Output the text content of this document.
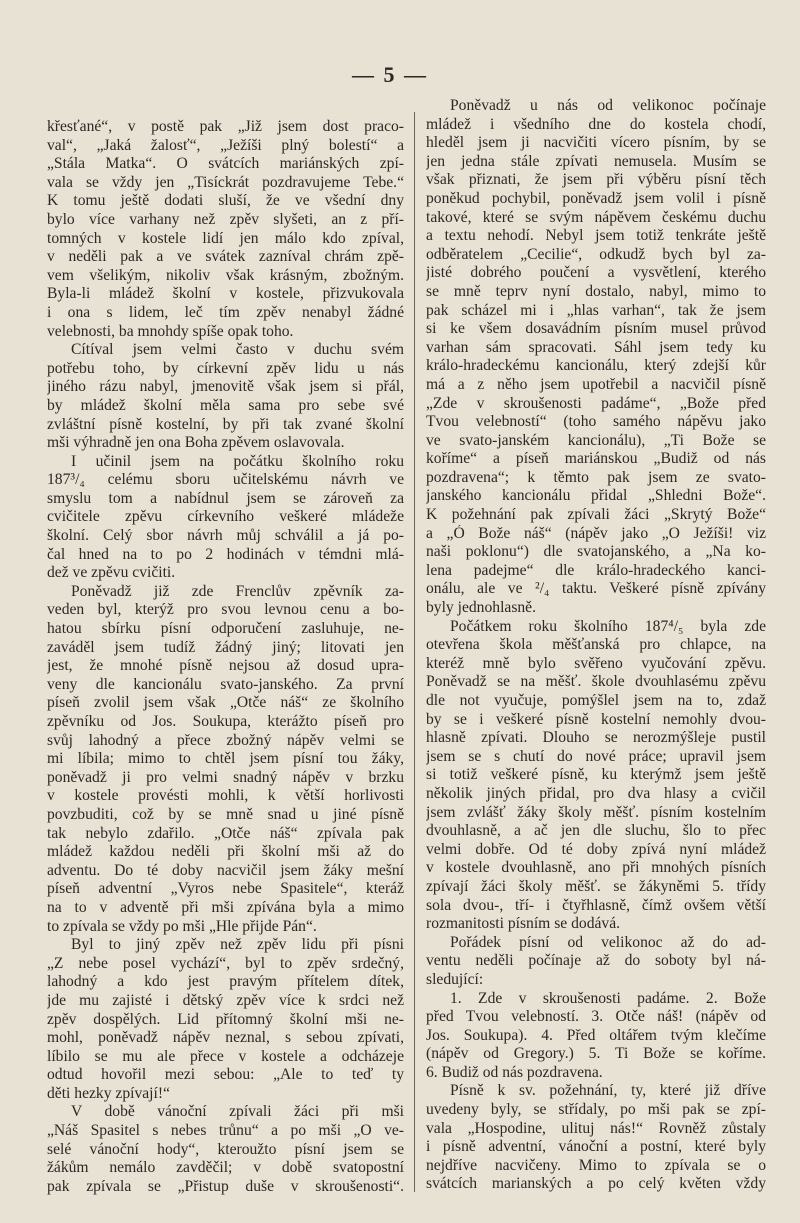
— 5 —
křesťané“, v postě pak „Již jsem dost praco-
val“, „Jaká žalosť“, „Ježíši plný bolestí“ a
„Stála Matka“. O svátcích mariánských zpí-
vala se vždy jen „Tisíckrát pozdravujeme Tebe.“
K tomu ještě dodati sluší, že ve všední dny
bylo více varhany než zpěv slyšeti, an z pří-
tomných v kostele lidí jen málo kdo zpíval,
v neděli pak a ve svátek zazníval chrám zpě-
vem všelikým, nikoliv však krásným, zbožným.
Byla-li mládež školní v kostele, přizvukovala
i ona s lidem, leč tím zpěv nenabyl žádné
velebnosti, ba mnohdy spíše opak toho.
Cítíval jsem velmi často v duchu svém
potřebu toho, by církevní zpěv lidu u nás
jiného rázu nabyl, jmenovitě však jsem si přál,
by mládež školní měla sama pro sebe své
zvláštní písně kostelní, by při tak zvané školní
mši výhradně jen ona Boha zpěvem oslavovala.
I učinil jsem na počátku školního roku
187³/₄ celému sboru učitelskému návrh ve
smyslu tom a nabídnul jsem se zároveň za
cvičitele zpěvu církevního veškeré mládeže
školní. Celý sbor návrh můj schválil a já po-
čal hned na to po 2 hodinách v témdni mlá-
dež ve zpěvu cvičiti.
Poněvadž již zde Frenclův zpěvník za-
veden byl, kterýž pro svou levnou cenu a bo-
hatou sbírku písní odporučení zasluhuje, ne-
zaváděl jsem tudíž žádný jiný; litovati jen
jest, že mnohé písně nejsou až dosud upra-
veny dle kancionálu svato-janského. Za první
píseň zvolil jsem však „Otče náš“ ze školního
zpěvníku od Jos. Soukupa, kterážto píseň pro
svůj lahodný a přece zbožný nápěv velmi se
mi líbila; mimo to chtěl jsem písní tou žáky,
poněvadž ji pro velmi snadný nápěv v brzku
v kostele provésti mohli, k větší horlivosti
povzbuditi, což by se mně snad u jiné písně
tak nebylo zdařilo. „Otče náš“ zpívala pak
mládež každou neděli při školní mši až do
adventu. Do té doby nacvičil jsem žáky mešní
píseň adventní „Vyros nebe Spasitele“, kteráž
na to v adventě při mši zpívána byla a mimo
to zpívala se vždy po mši „Hle přijde Pán“.
Byl to jiný zpěv než zpěv lidu při písni
„Z nebe posel vychází“, byl to zpěv srdečný,
lahodný a kdo jest pravým přítelem dítek,
jde mu zajisté i dětský zpěv více k srdci než
zpěv dospělých. Lid přítomný školní mši ne-
mohl, poněvadž nápěv neznal, s sebou zpívati,
líbilo se mu ale přece v kostele a odcházeje
odtud hovořil mezi sebou: „Ale to teď ty
děti hezky zpívají!“
V době vánoční zpívali žáci při mši
„Náš Spasitel s nebes trůnu“ a po mši „O ve-
selé vánoční hody“, kteroužto písní jsem se
žákům nemálo zavděčil; v době svatopostní
pak zpívala se „Přistup duše v skroušenosti“.
Poněvadž u nás od velikonoc počínaje
mládež i všedního dne do kostela chodí,
hleděl jsem ji nacvičiti vícero písním, by se
jen jedna stále zpívati nemusela. Musím se
však přiznati, že jsem při výběru písní těch
poněkud pochybil, poněvadž jsem volil i písně
takové, které se svým nápěvem českému duchu
a textu nehodí. Nebyl jsem totiž tenkráte ještě
odběratelem „Cecilie“, odkudž bych byl za-
jisté dobrého poučení a vysvětlení, kterého
se mně teprv nyní dostalo, nabyl, mimo to
pak scházel mi i „hlas varhan“, tak že jsem
si ke všem dosavádním písním musel průvod
varhan sám spracovati. Sáhl jsem tedy ku
králo-hradeckému kancionálu, který zdejší kůr
má a z něho jsem upotřebil a nacvičil písně
„Zde v skroušenosti padáme“, „Bože před
Tvou velebností“ (toho samého nápěvu jako
ve svato-janském kancionálu), „Ti Bože se
koříme“ a píseň mariánskou „Budiž od nás
pozdravena“; k těmto pak jsem ze svato-
janského kancionálu přidal „Shledni Bože“.
K požehnání pak zpívali žáci „Skrytý Bože“
a „Ó Bože náš“ (nápěv jako „O Ježíši! viz
naši poklonu“) dle svatojanského, a „Na ko-
lena padejme“ dle králo-hradeckého kanci-
onálu, ale ve ²/₄ taktu. Veškeré písně zpívány
byly jednohlasně.
Počátkem roku školního 187⁴/₅ byla zde
otevřena škola měšťanská pro chlapce, na
kteréž mně bylo svěřeno vyučování zpěvu.
Poněvadž se na měšť. škole dvouhlasému zpěvu
dle not vyučuje, pomýšlel jsem na to, zdaž
by se i veškeré písně kostelní nemohly dvou-
hlasně zpívati. Dlouho se nerozmýšleje pustil
jsem se s chutí do nové práce; upravil jsem
si totiž veškeré písně, ku kterýmž jsem ještě
několik jiných přidal, pro dva hlasy a cvičil
jsem zvlášť žáky školy měšť. písním kostelním
dvouhlasně, a ač jen dle sluchu, šlo to přec
velmi dobře. Od té doby zpívá nyní mládež
v kostele dvouhlasně, ano při mnohých písních
zpívají žáci školy měšť. se žákyněmi 5. třídy
sola dvou-, tří- i čtyřhlasně, čímž ovšem větší
rozmanitosti písním se dodává.
Pořádek písní od velikonoc až do ad-
ventu neděli počínaje až do soboty byl ná-
sledující:
1. Zde v skroušenosti padáme. 2. Bože
před Tvou velebností. 3. Otče náš! (nápěv od
Jos. Soukupa). 4. Před oltářem tvým klečíme
(nápěv od Gregory.) 5. Ti Bože se koříme.
6. Budiž od nás pozdravena.
Písně k sv. požehnání, ty, které již dříve
uvedeny byly, se střídaly, po mši pak se zpí-
vala „Hospodine, ulituj nás!“ Rovněž zůstaly
i písně adventní, vánoční a postní, které byly
nejdříve nacvičeny. Mimo to zpívala se o
svátcích marianských a po celý květen vždy
